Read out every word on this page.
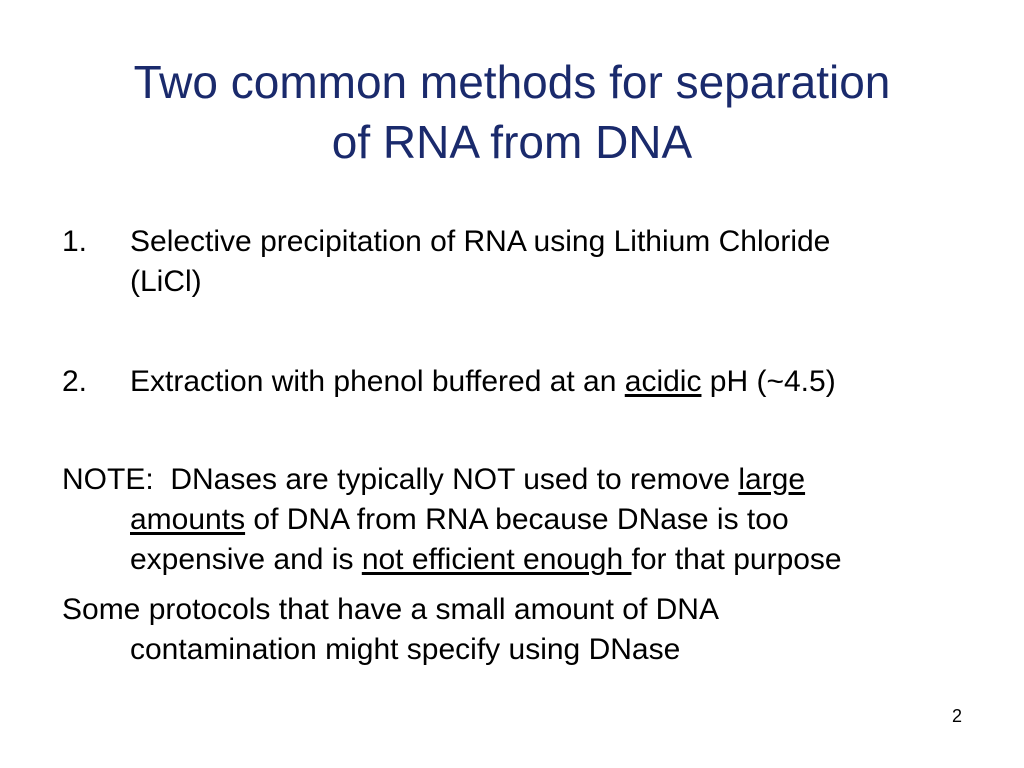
Two common methods for separation
of RNA from DNA
1. Selective precipitation of RNA using Lithium Chloride
(LiCl)
2. Extraction with phenol buffered at an acidic pH (~4.5)
NOTE:  DNases are typically NOT used to remove large
amounts of DNA from RNA because DNase is too
expensive and is not efficient enough for that purpose
Some protocols that have a small amount of DNA
contamination might specify using DNase
2
